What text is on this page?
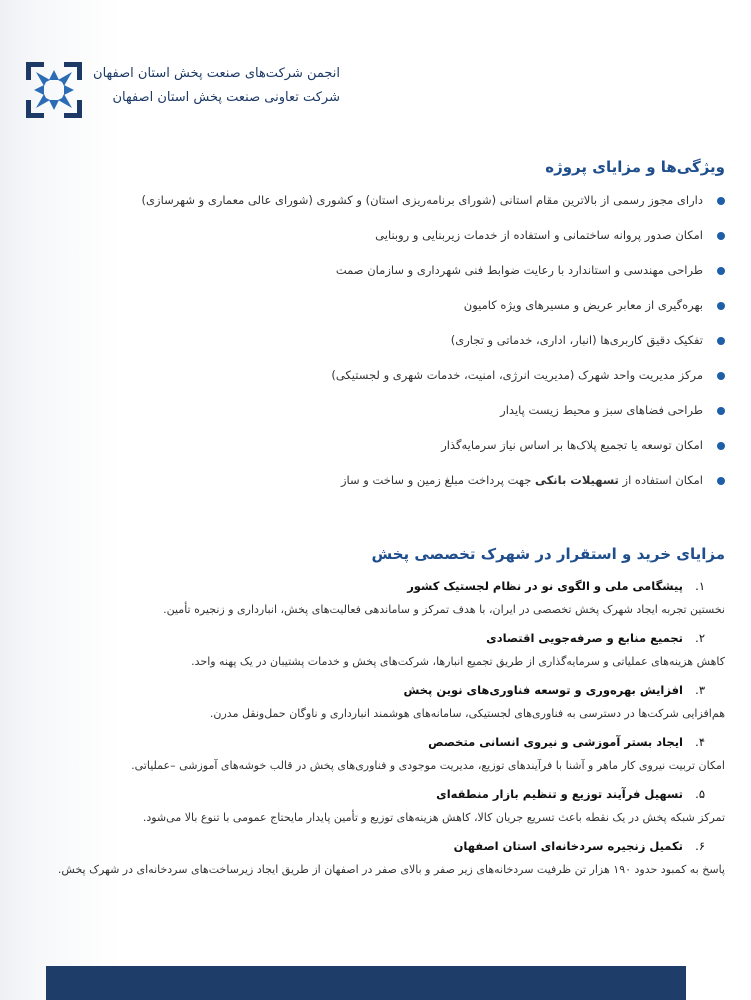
انجمن شرکت‌های صنعت پخش استان اصفهان
شرکت تعاونی صنعت پخش استان اصفهان
ویژگی‌ها و مزایای پروژه
دارای مجوز رسمی از بالاترین مقام استانی (شورای برنامه‌ریزی استان) و کشوری (شورای عالی معماری و شهرسازی)
امکان صدور پروانه ساختمانی و استفاده از خدمات زیربنایی و روبنایی
طراحی مهندسی و استاندارد با رعایت ضوابط فنی شهرداری و سازمان صمت
بهره‌گیری از معابر عریض و مسیرهای ویژه کامیون
تفکیک دقیق کاربری‌ها (انبار، اداری، خدماتی و تجاری)
مرکز مدیریت واحد شهرک (مدیریت انرژی، امنیت، خدمات شهری و لجستیکی)
طراحی فضاهای سبز و محیط زیست پایدار
امکان توسعه یا تجمیع پلاک‌ها بر اساس نیاز سرمایه‌گذار
امکان استفاده از تسهیلات بانکی جهت پرداخت مبلغ زمین و ساخت و ساز
مزایای خرید و استقرار در شهرک تخصصی پخش
۱.پیشگامی ملی و الگوی نو در نظام لجستیک کشور
نخستین تجربه ایجاد شهرک پخش تخصصی در ایران، با هدف تمرکز و ساماندهی فعالیت‌های پخش، انبارداری و زنجیره تأمین.
۲.تجمیع منابع و صرفه‌جویی اقتصادی
کاهش هزینه‌های عملیاتی و سرمایه‌گذاری از طریق تجمیع انبارها، شرکت‌های پخش و خدمات پشتیبان در یک پهنه واحد.
۳.افزایش بهره‌وری و توسعه فناوری‌های نوین پخش
هم‌افزایی شرکت‌ها در دسترسی به فناوری‌های لجستیکی، سامانه‌های هوشمند انبارداری و ناوگان حمل‌ونقل مدرن.
۴.ایجاد بستر آموزشی و نیروی انسانی متخصص
امکان تربیت نیروی کار ماهر و آشنا با فرآیندهای توزیع، مدیریت موجودی و فناوری‌های پخش در قالب خوشه‌های آموزشی –عملیاتی.
۵.تسهیل فرآیند توزیع و تنظیم بازار منطقه‌ای
تمرکز شبکه پخش در یک نقطه باعث تسریع جریان کالا، کاهش هزینه‌های توزیع و تأمین پایدار مایحتاج عمومی با تنوع بالا می‌شود.
۶.تکمیل زنجیره سردخانه‌ای استان اصفهان
پاسخ به کمبود حدود ۱۹۰ هزار تن ظرفیت سردخانه‌های زیر صفر و بالای صفر در اصفهان از طریق ایجاد زیرساخت‌های سردخانه‌ای در شهرک پخش.
